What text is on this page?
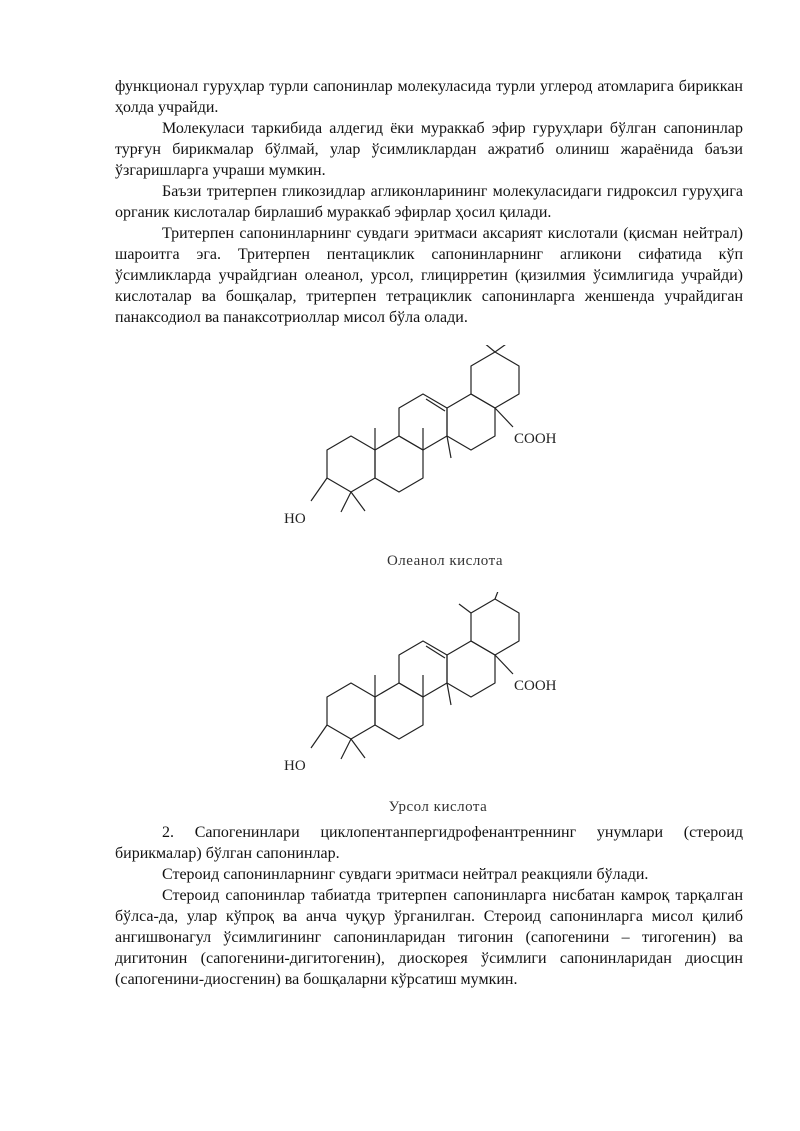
функционал гуруҳлар турли сапонинлар молекуласида турли углерод атомларига бириккан ҳолда учрайди.

Молекуласи таркибида алдегид ёки мураккаб эфир гуруҳлари бўлган сапонинлар турғун бирикмалар бўлмай, улар ўсимликлардан ажратиб олиниш жараёнида баъзи ўзгаришларга учраши мумкин.

Баъзи тритерпен гликозидлар агликонларининг молекуласидаги гидроксил гуруҳига органик кислоталар бирлашиб мураккаб эфирлар ҳосил қилади.

Тритерпен сапонинларнинг сувдаги эритмаси аксарият кислотали (қисман нейтрал) шароитга эга. Тритерпен пентациклик сапонинларнинг агликони сифатида кўп ўсимликларда учрайдгиан олеанол, урсол, глицирретин (қизилмия ўсимлигида учрайди) кислоталар ва бошқалар, тритерпен тетрациклик сапонинларга женшенда учрайдиган панаксодиол ва панаксотриоллар мисол бўла олади.

COOH
HO
Олеанол кислота
COOH
HO
Урсол кислота

2. Сапогенинлари циклопентанпергидрофенантреннинг унумлари (стероид бирикмалар) бўлган сапонинлар.

Стероид сапонинларнинг сувдаги эритмаси нейтрал реакцияли бўлади.

Стероид сапонинлар табиатда тритерпен сапонинларга нисбатан камроқ тарқалган бўлса-да, улар кўпроқ ва анча чуқур ўрганилган. Стероид сапонинларга мисол қилиб ангишвонагул ўсимлигининг сапонинларидан тигонин (сапогенини – тигогенин) ва дигитонин (сапогенини-дигитогенин), диоскорея ўсимлиги сапонинларидан диосцин (сапогенини-диосгенин) ва бошқаларни кўрсатиш мумкин.
